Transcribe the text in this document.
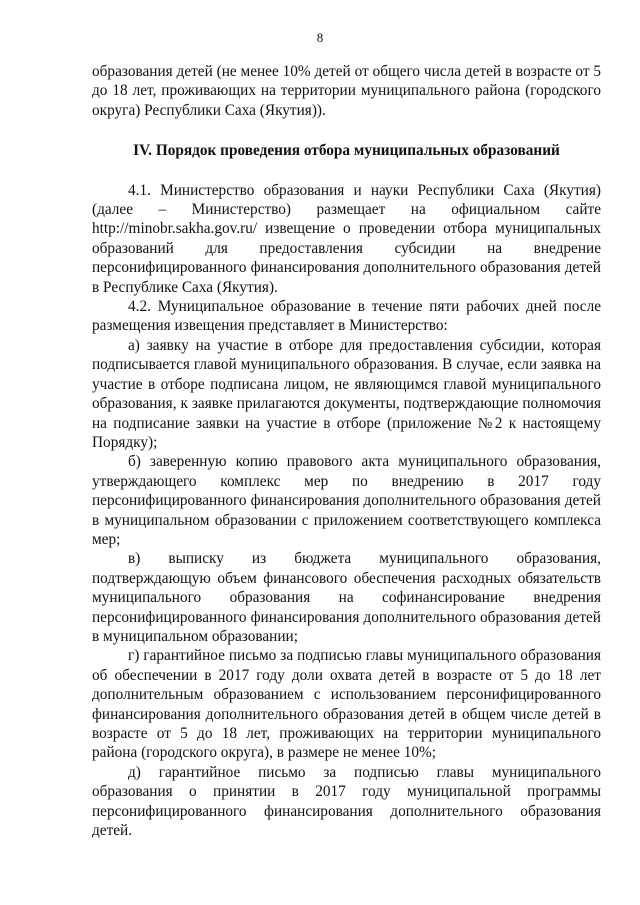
8

образования детей (не менее 10% детей от общего числа детей в возрасте от 5 до 18 лет, проживающих на территории муниципального района (городского округа) Республики Саха (Якутия)).

IV. Порядок проведения отбора муниципальных образований

4.1. Министерство образования и науки Республики Саха (Якутия) (далее – Министерство) размещает на официальном сайте http://minobr.sakha.gov.ru/ извещение о проведении отбора муниципальных образований для предоставления субсидии на внедрение персонифицированного финансирования дополнительного образования детей в Республике Саха (Якутия).

4.2. Муниципальное образование в течение пяти рабочих дней после размещения извещения представляет в Министерство:

а) заявку на участие в отборе для предоставления субсидии, которая подписывается главой муниципального образования. В случае, если заявка на участие в отборе подписана лицом, не являющимся главой муниципального образования, к заявке прилагаются документы, подтверждающие полномочия на подписание заявки на участие в отборе (приложение №2 к настоящему Порядку);

б) заверенную копию правового акта муниципального образования, утверждающего комплекс мер по внедрению в 2017 году персонифицированного финансирования дополнительного образования детей в муниципальном образовании с приложением соответствующего комплекса мер;

в) выписку из бюджета муниципального образования, подтверждающую объем финансового обеспечения расходных обязательств муниципального образования на софинансирование внедрения персонифицированного финансирования дополнительного образования детей в муниципальном образовании;

г) гарантийное письмо за подписью главы муниципального образования об обеспечении в 2017 году доли охвата детей в возрасте от 5 до 18 лет дополнительным образованием с использованием персонифицированного финансирования дополнительного образования детей в общем числе детей в возрасте от 5 до 18 лет, проживающих на территории муниципального района (городского округа), в размере не менее 10%;

д) гарантийное письмо за подписью главы муниципального образования о принятии в 2017 году муниципальной программы персонифицированного финансирования дополнительного образования детей.
